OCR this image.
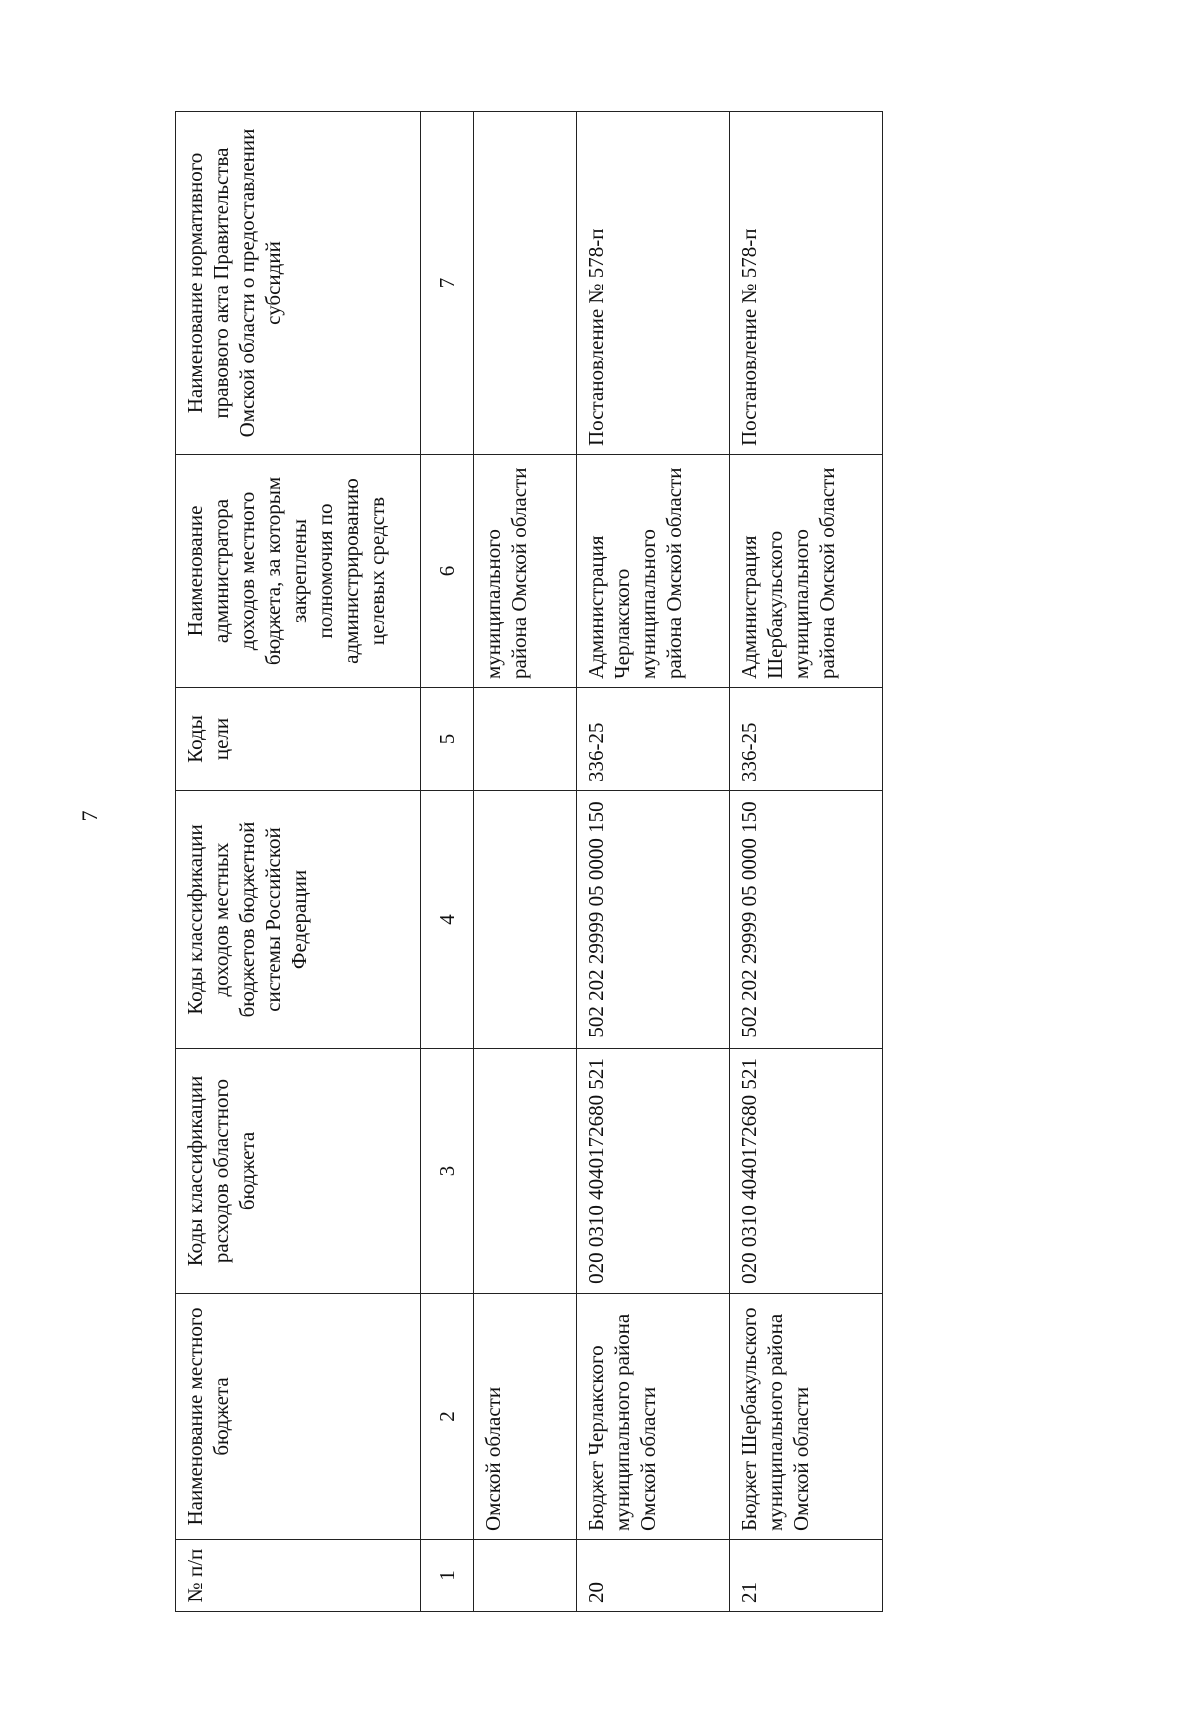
7
№ п/п	Наименование местного бюджета	Коды классификации расходов областного бюджета	Коды классификации доходов местных бюджетов бюджетной системы Российской Федерации	Коды цели	Наименование администратора доходов местного бюджета, за которым закреплены полномочия по администрированию целевых средств	Наименование нормативного правового акта Правительства Омской области о предоставлении субсидий
1	2	3	4	5	6	7
	Омской области				муниципального района Омской области	
20	Бюджет Черлакского муниципального района Омской области	020 0310 4040172680 521	502 202 29999 05 0000 150	336-25	Администрация Черлакского муниципального района Омской области	Постановление № 578-п
21	Бюджет Шербакульского муниципального района Омской области	020 0310 4040172680 521	502 202 29999 05 0000 150	336-25	Администрация Шербакульского муниципального района Омской области	Постановление № 578-п
